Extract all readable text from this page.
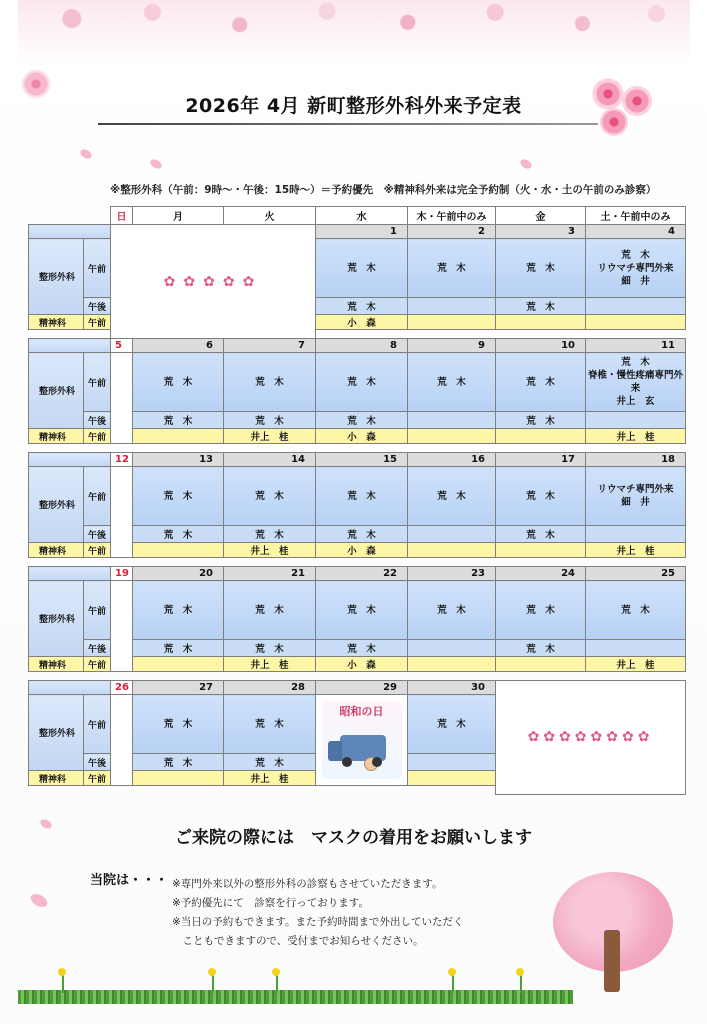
2026年 4月 新町整形外科外来予定表
※整形外科（午前：9時～・午後：15時～）＝予約優先　※精神科外来は完全予約制（火・水・土の午前のみ診察）
		日	月	火	水	木・午前中のみ	金	土・午前中のみ
		✿✿✿✿✿			1	2	3	4
整形外科	午前				荒　木	荒　木	荒　木	荒　木
リウマチ専門外来
細　井

	午後				荒　木		荒　木	
精神科	午前				小　森			

		5	6	7	8	9	10	11
整形外科	午前		荒　木	荒　木	荒　木	荒　木	荒　木	荒　木
脊椎・慢性疼痛専門外来
井上　玄

	午後		荒　木	荒　木	荒　木		荒　木	
精神科	午前			井上　桂	小　森			井上　桂

		12	13	14	15	16	17	18
整形外科	午前		荒　木	荒　木	荒　木	荒　木	荒　木	リウマチ専門外来
細　井

	午後		荒　木	荒　木	荒　木		荒　木	
精神科	午前			井上　桂	小　森			井上　桂

		19	20	21	22	23	24	25
整形外科	午前		荒　木	荒　木	荒　木	荒　木	荒　木	荒　木

	午後		荒　木	荒　木	荒　木		荒　木	
精神科	午前			井上　桂	小　森			井上　桂

		26	27	28	29	30	✿✿✿✿✿✿✿✿	
整形外科	午前		荒　木	荒　木	昭和の日	荒　木		

	午後		荒　木	荒　木				
精神科	午前			井上　桂				

ご来院の際には　マスクの着用をお願いします
当院は・・・ ※専門外来以外の整形外科の診察もさせていただきます。
※予約優先にて　診察を行っております。
※当日の予約もできます。また予約時間まで外出していただく
　こともできますので、受付までお知らせください。
